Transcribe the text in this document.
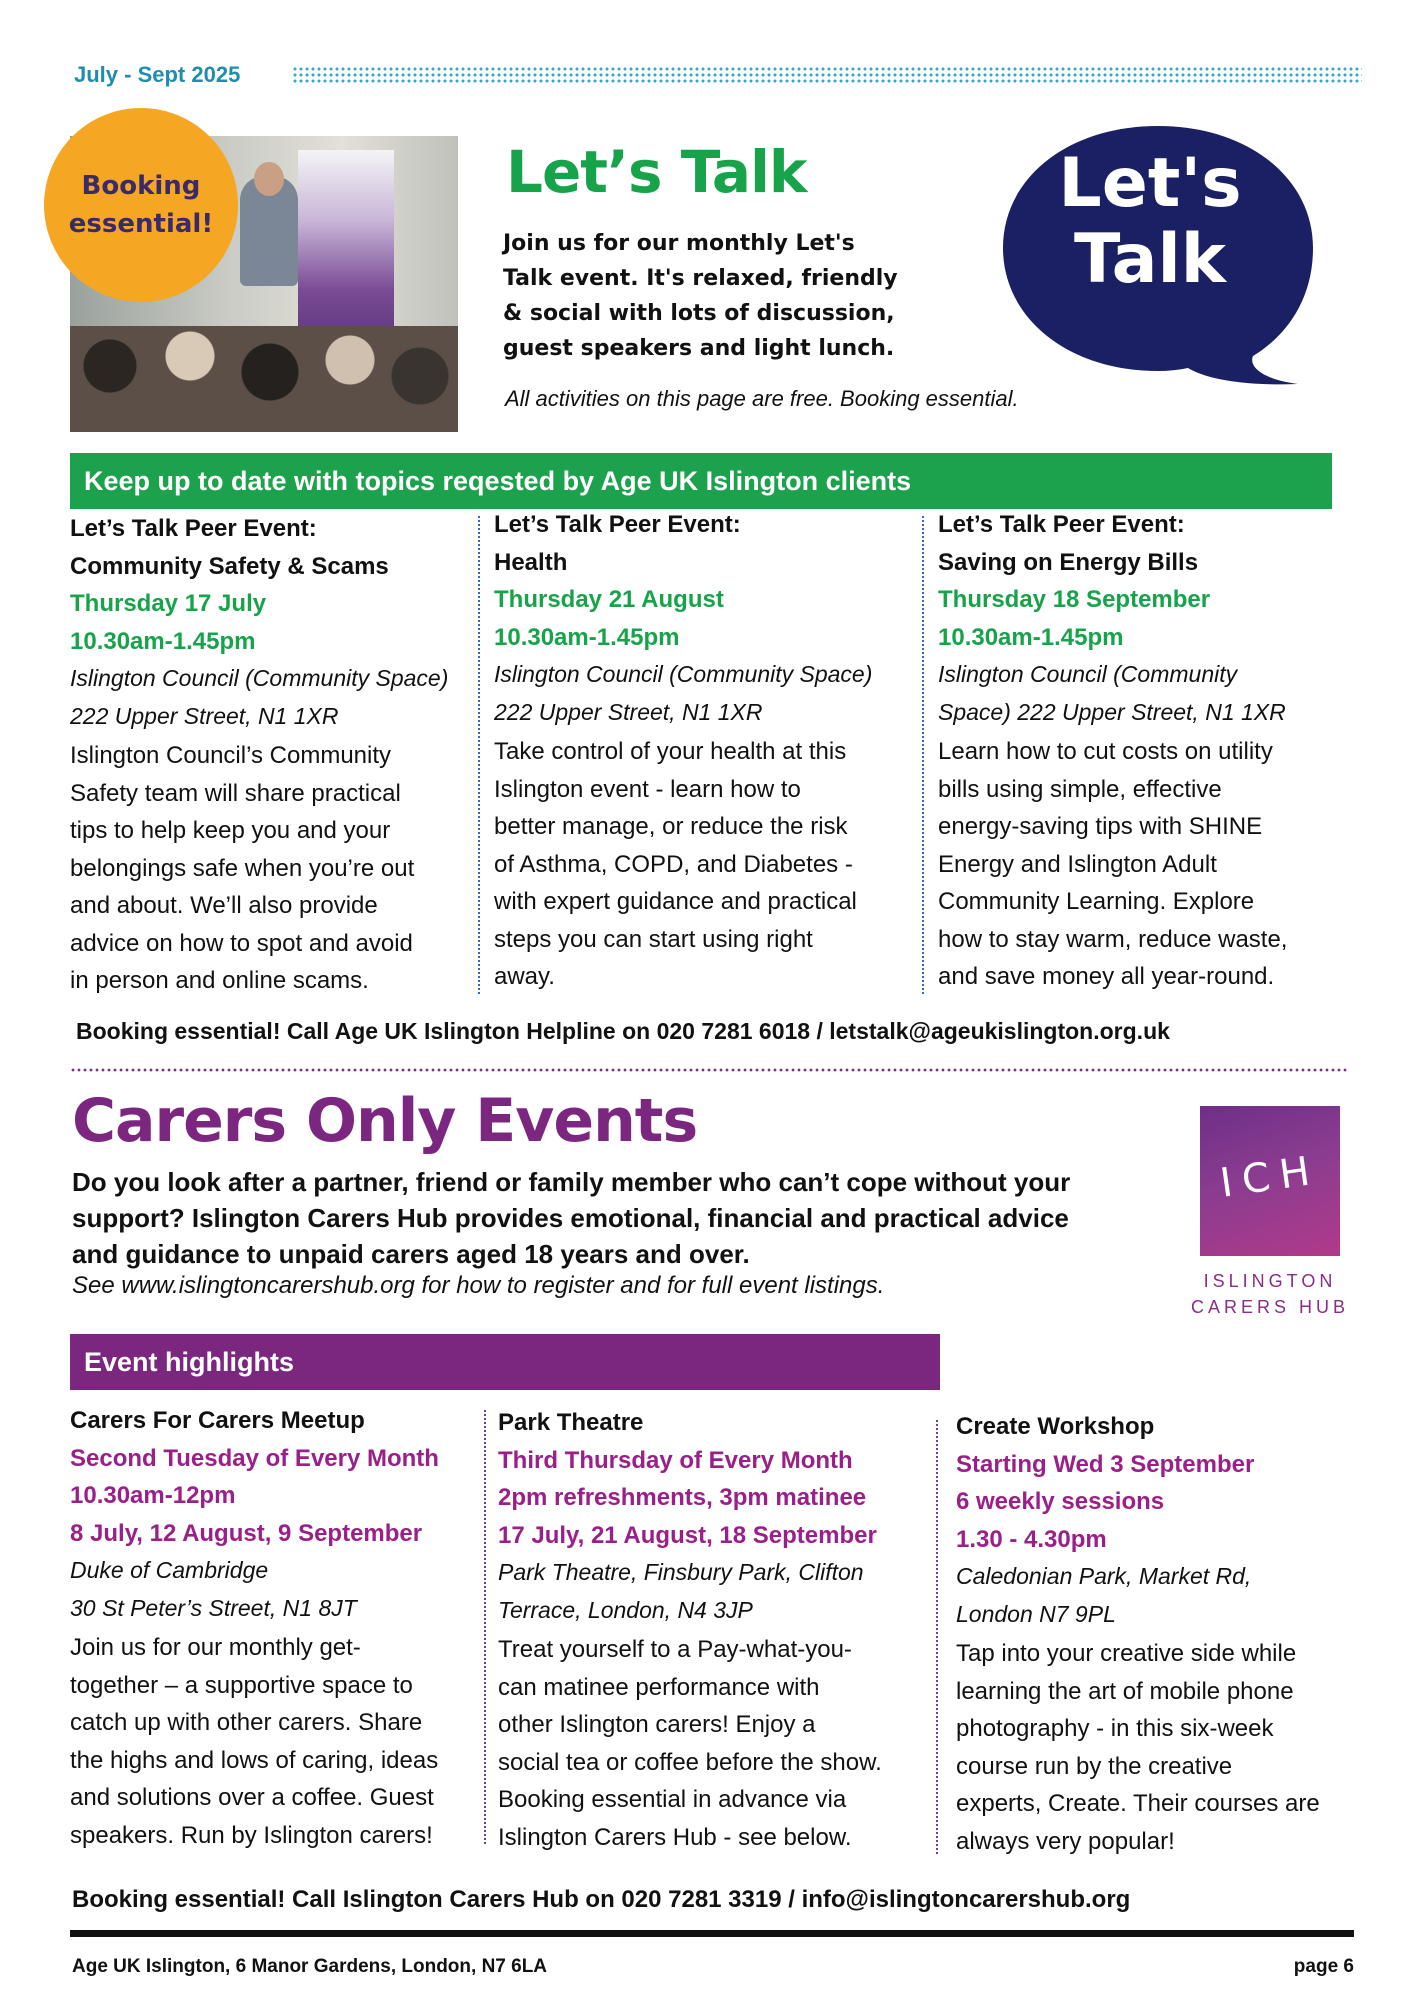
July - Sept 2025
Booking
essential!
Let’s Talk
Join us for our monthly Let's
Talk event. It's relaxed, friendly
& social with lots of discussion,
guest speakers and light lunch.
All activities on this page are free. Booking essential.
Let's
Talk
Keep up to date with topics reqested by Age UK Islington clients
Let’s Talk Peer Event:
Community Safety & Scams
Thursday 17 July
10.30am-1.45pm
Islington Council (Community Space)
222 Upper Street, N1 1XR
Islington Council’s Community
Safety team will share practical
tips to help keep you and your
belongings safe when you’re out
and about. We’ll also provide
advice on how to spot and avoid
in person and online scams.
Let’s Talk Peer Event:
Health
Thursday 21 August
10.30am-1.45pm
Islington Council (Community Space)
222 Upper Street, N1 1XR
Take control of your health at this
Islington event - learn how to
better manage, or reduce the risk
of Asthma, COPD, and Diabetes -
with expert guidance and practical
steps you can start using right
away.
Let’s Talk Peer Event:
Saving on Energy Bills
Thursday 18 September
10.30am-1.45pm
Islington Council (Community
Space) 222 Upper Street, N1 1XR
Learn how to cut costs on utility
bills using simple, effective
energy-saving tips with SHINE
Energy and Islington Adult
Community Learning. Explore
how to stay warm, reduce waste,
and save money all year-round.
Booking essential! Call Age UK Islington Helpline on 020 7281 6018 / letstalk@ageukislington.org.uk
Carers Only Events
Do you look after a partner, friend or family member who can’t cope without your
support? Islington Carers Hub provides emotional, financial and practical advice
and guidance to unpaid carers aged 18 years and over.
See www.islingtoncarershub.org for how to register and for full event listings.
ICH
ISLINGTON
CARERS HUB
Event highlights
Carers For Carers Meetup
Second Tuesday of Every Month
10.30am-12pm
8 July, 12 August, 9 September
Duke of Cambridge
30 St Peter’s Street, N1 8JT
Join us for our monthly get-
together – a supportive space to
catch up with other carers. Share
the highs and lows of caring, ideas
and solutions over a coffee. Guest
speakers. Run by Islington carers!
Park Theatre
Third Thursday of Every Month
2pm refreshments, 3pm matinee
17 July, 21 August, 18 September
Park Theatre, Finsbury Park, Clifton
Terrace, London, N4 3JP
Treat yourself to a Pay-what-you-
can matinee performance with
other Islington carers! Enjoy a
social tea or coffee before the show.
Booking essential in advance via
Islington Carers Hub - see below.
Create Workshop
Starting Wed 3 September
6 weekly sessions
1.30 - 4.30pm
Caledonian Park, Market Rd,
London N7 9PL
Tap into your creative side while
learning the art of mobile phone
photography - in this six-week
course run by the creative
experts, Create. Their courses are
always very popular!
Booking essential! Call Islington Carers Hub on 020 7281 3319 / info@islingtoncarershub.org
Age UK Islington, 6 Manor Gardens, London, N7 6LA	page 6
